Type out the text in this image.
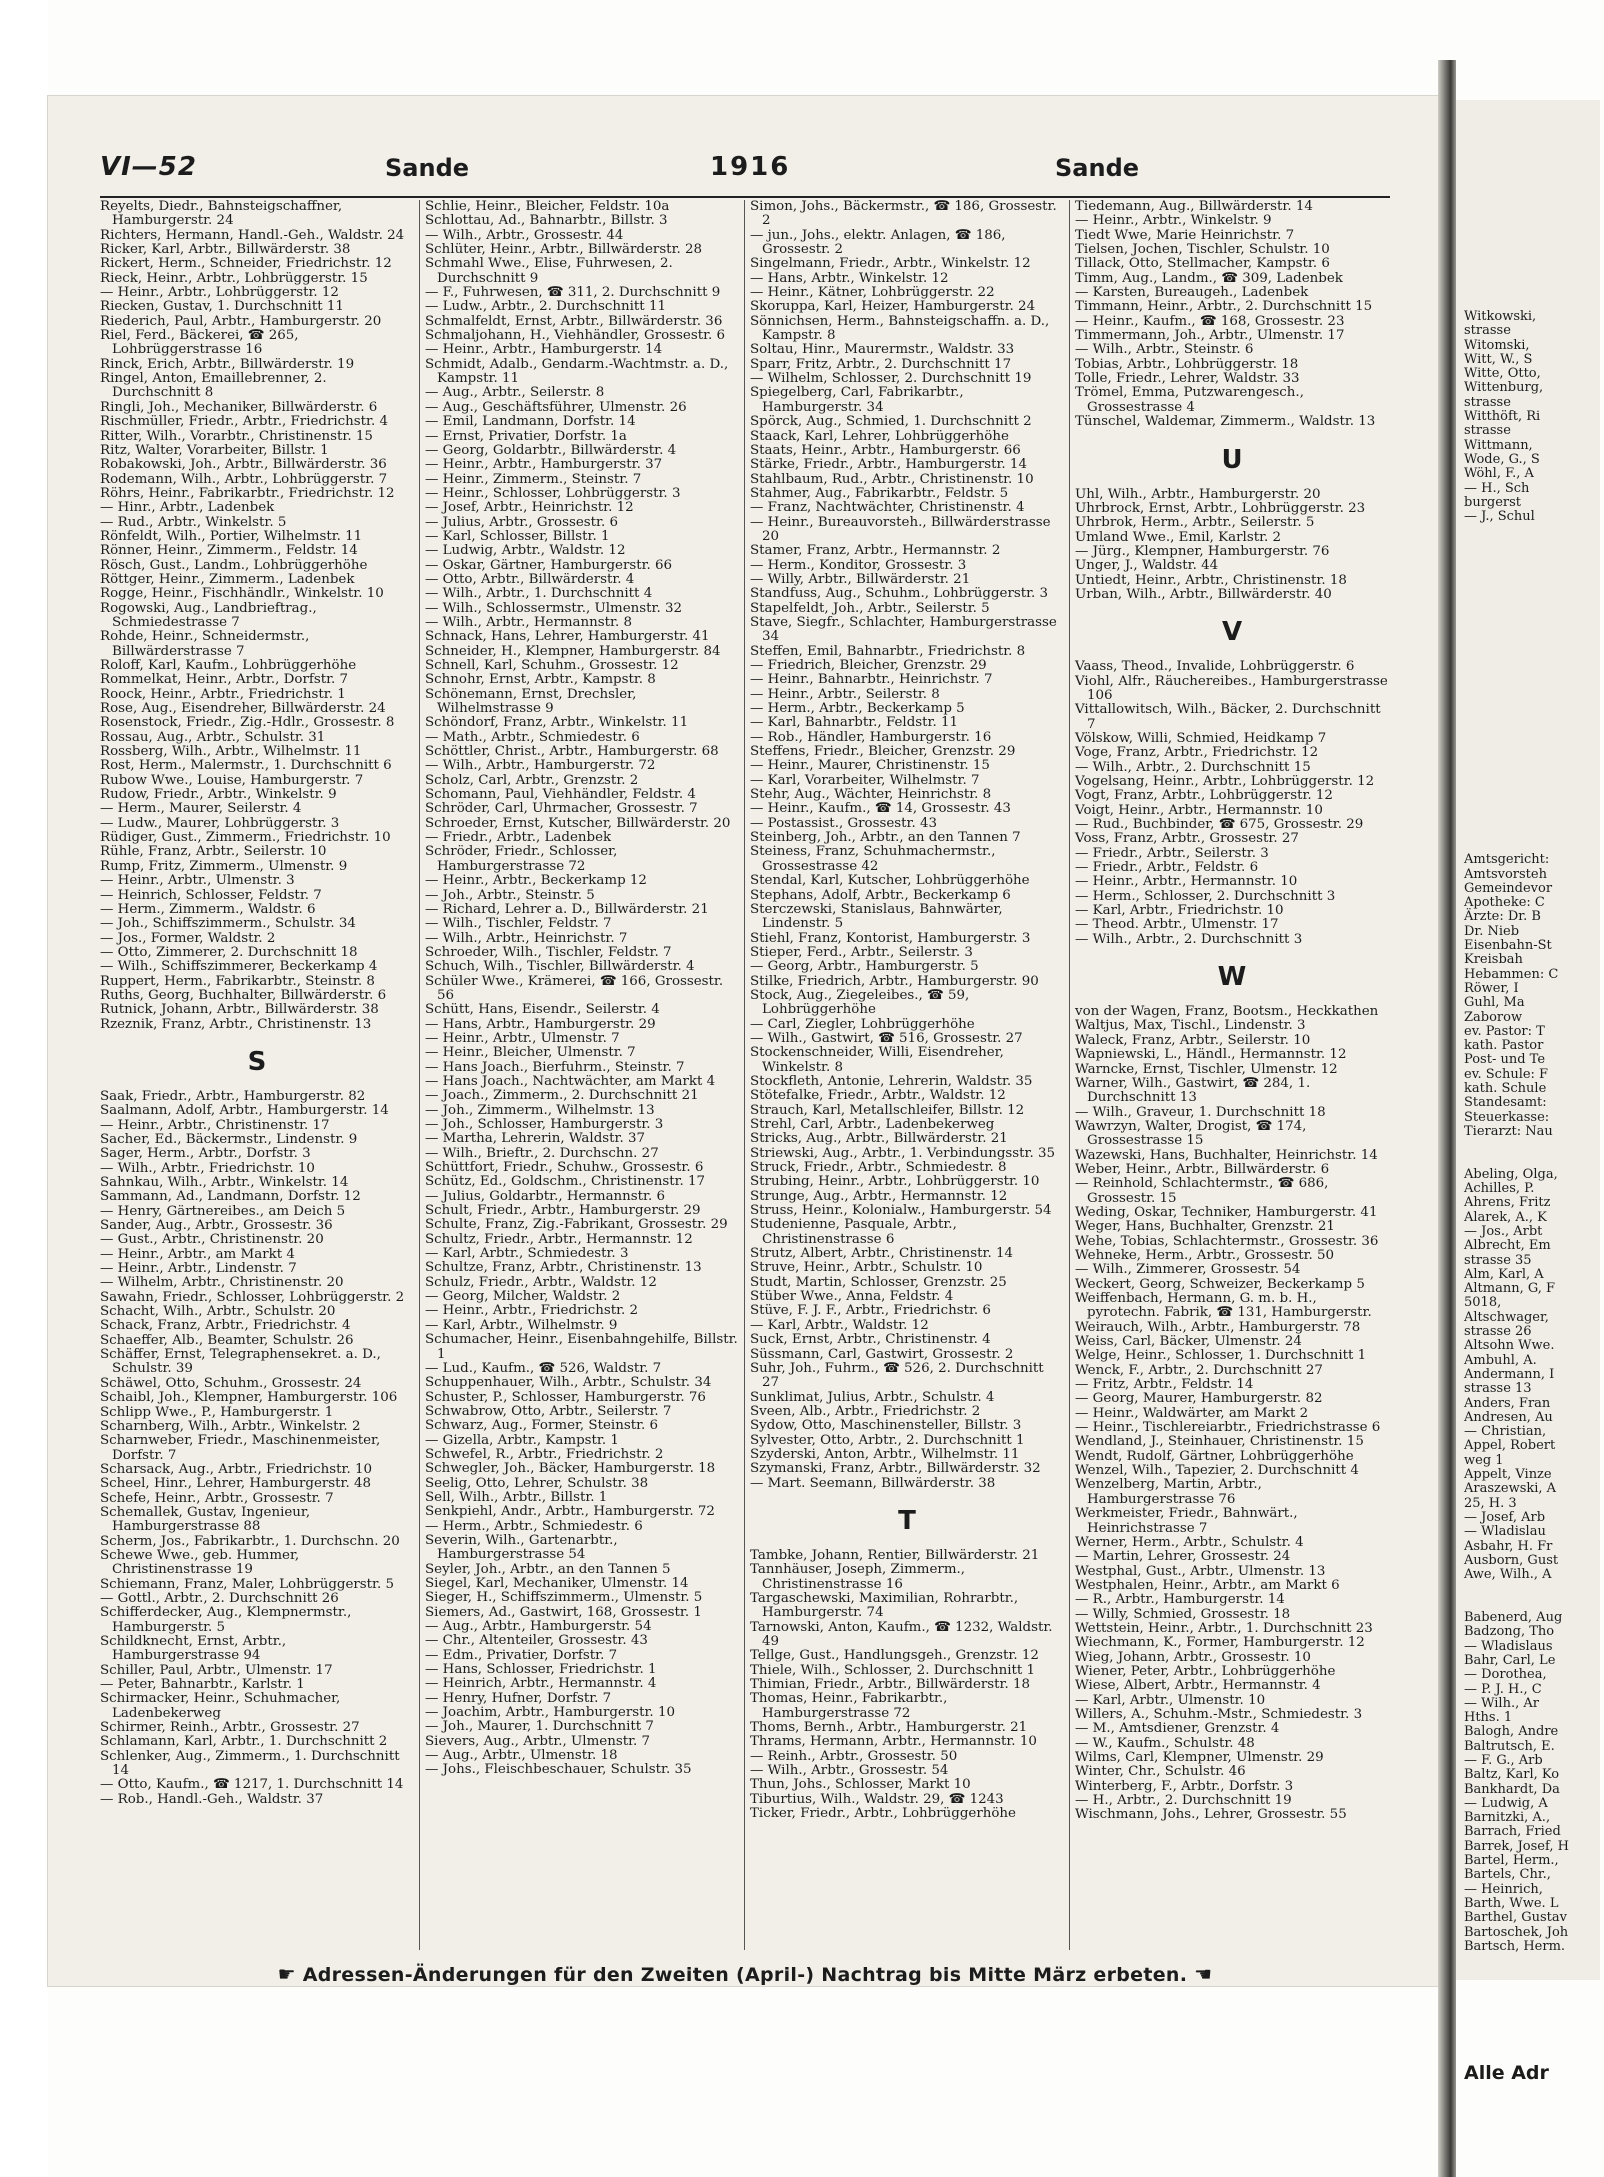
Witkowski,
strasse
Witomski,
Witt, W., S
Witte, Otto,
Wittenburg,
strasse
Witthöft, Ri
strasse
Wittmann,
Wode, G., S
Wöhl, F., A
— H., Sch
burgerst
— J., Schul

Amtsgericht:
Amtsvorsteh
Gemeindevor
Apotheke: C
Ärzte: Dr. B
Dr. Nieb
Eisenbahn-St
Kreisbah
Hebammen: C
Röwer, I
Guhl, Ma
Zaborow
ev. Pastor: T
kath. Pastor
Post- und Te
ev. Schule: F
kath. Schule
Standesamt:
Steuerkasse:
Tierarzt: Nau

Abeling, Olga,
Achilles, P.
Ahrens, Fritz
Alarek, A., K
— Jos., Arbt
Albrecht, Em
strasse 35
Alm, Karl, A
Altmann, G, F
5018,
Altschwager,
strasse 26
Altsohn Wwe.
Ambuhl, A.
Andermann, I
strasse 13
Anders, Fran
Andresen, Au
— Christian,
Appel, Robert
weg 1
Appelt, Vinze
Araszewski, A
25, H. 3
— Josef, Arb
— Wladislau
Asbahr, H. Fr
Ausborn, Gust
Awe, Wilh., A

Babenerd, Aug
Badzong, Tho
— Wladislaus
Bahr, Carl, Le
— Dorothea,
— P. J. H., C
— Wilh., Ar
Hths. 1
Balogh, Andre
Baltrutsch, E.
— F. G., Arb
Baltz, Karl, Ko
Bankhardt, Da
— Ludwig, A
Barnitzki, A.,
Barrach, Fried
Barrek, Josef, H
Bartel, Herm.,
Bartels, Chr.,
— Heinrich,
Barth, Wwe. L
Barthel, Gustav
Bartoschek, Joh
Bartsch, Herm.
Alle Adr
VI—52	Sande	1916	Sande
Reyelts, Diedr., Bahnsteigschaffner, Hamburgerstr. 24
Richters, Hermann, Handl.-Geh., Waldstr. 24
Ricker, Karl, Arbtr., Billwärderstr. 38
Rickert, Herm., Schneider, Friedrichstr. 12
Rieck, Heinr., Arbtr., Lohbrüggerstr. 15
— Heinr., Arbtr., Lohbrüggerstr. 12
Riecken, Gustav, 1. Durchschnitt 11
Riederich, Paul, Arbtr., Hamburgerstr. 20
Riel, Ferd., Bäckerei, ☎ 265, Lohbrüggerstrasse 16
Rinck, Erich, Arbtr., Billwärderstr. 19
Ringel, Anton, Emaillebrenner, 2. Durchschnitt 8
Ringli, Joh., Mechaniker, Billwärderstr. 6
Rischmüller, Friedr., Arbtr., Friedrichstr. 4
Ritter, Wilh., Vorarbtr., Christinenstr. 15
Ritz, Walter, Vorarbeiter, Billstr. 1
Robakowski, Joh., Arbtr., Billwärderstr. 36
Rodemann, Wilh., Arbtr., Lohbrüggerstr. 7
Röhrs, Heinr., Fabrikarbtr., Friedrichstr. 12
— Hinr., Arbtr., Ladenbek
— Rud., Arbtr., Winkelstr. 5
Rönfeldt, Wilh., Portier, Wilhelmstr. 11
Rönner, Heinr., Zimmerm., Feldstr. 14
Rösch, Gust., Landm., Lohbrüggerhöhe
Röttger, Heinr., Zimmerm., Ladenbek
Rogge, Heinr., Fischhändlr., Winkelstr. 10
Rogowski, Aug., Landbrieftrag., Schmiedestrasse 7
Rohde, Heinr., Schneidermstr., Billwärderstrasse 7
Roloff, Karl, Kaufm., Lohbrüggerhöhe
Rommelkat, Heinr., Arbtr., Dorfstr. 7
Roock, Heinr., Arbtr., Friedrichstr. 1
Rose, Aug., Eisendreher, Billwärderstr. 24
Rosenstock, Friedr., Zig.-Hdlr., Grossestr. 8
Rossau, Aug., Arbtr., Schulstr. 31
Rossberg, Wilh., Arbtr., Wilhelmstr. 11
Rost, Herm., Malermstr., 1. Durchschnitt 6
Rubow Wwe., Louise, Hamburgerstr. 7
Rudow, Friedr., Arbtr., Winkelstr. 9
— Herm., Maurer, Seilerstr. 4
— Ludw., Maurer, Lohbrüggerstr. 3
Rüdiger, Gust., Zimmerm., Friedrichstr. 10
Rühle, Franz, Arbtr., Seilerstr. 10
Rump, Fritz, Zimmerm., Ulmenstr. 9
— Heinr., Arbtr., Ulmenstr. 3
— Heinrich, Schlosser, Feldstr. 7
— Herm., Zimmerm., Waldstr. 6
— Joh., Schiffszimmerm., Schulstr. 34
— Jos., Former, Waldstr. 2
— Otto, Zimmerer, 2. Durchschnitt 18
— Wilh., Schiffszimmerer, Beckerkamp 4
Ruppert, Herm., Fabrikarbtr., Steinstr. 8
Ruths, Georg, Buchhalter, Billwärderstr. 6
Rutnick, Johann, Arbtr., Billwärderstr. 38
Rzeznik, Franz, Arbtr., Christinenstr. 13
S
Saak, Friedr., Arbtr., Hamburgerstr. 82
Saalmann, Adolf, Arbtr., Hamburgerstr. 14
— Heinr., Arbtr., Christinenstr. 17
Sacher, Ed., Bäckermstr., Lindenstr. 9
Sager, Herm., Arbtr., Dorfstr. 3
— Wilh., Arbtr., Friedrichstr. 10
Sahnkau, Wilh., Arbtr., Winkelstr. 14
Sammann, Ad., Landmann, Dorfstr. 12
— Henry, Gärtnereibes., am Deich 5
Sander, Aug., Arbtr., Grossestr. 36
— Gust., Arbtr., Christinenstr. 20
— Heinr., Arbtr., am Markt 4
— Heinr., Arbtr., Lindenstr. 7
— Wilhelm, Arbtr., Christinenstr. 20
Sawahn, Friedr., Schlosser, Lohbrüggerstr. 2
Schacht, Wilh., Arbtr., Schulstr. 20
Schack, Franz, Arbtr., Friedrichstr. 4
Schaeffer, Alb., Beamter, Schulstr. 26
Schäffer, Ernst, Telegraphensekret. a. D., Schulstr. 39
Schäwel, Otto, Schuhm., Grossestr. 24
Schaibl, Joh., Klempner, Hamburgerstr. 106
Schlipp Wwe., P., Hamburgerstr. 1
Scharnberg, Wilh., Arbtr., Winkelstr. 2
Scharnweber, Friedr., Maschinenmeister, Dorfstr. 7
Scharsack, Aug., Arbtr., Friedrichstr. 10
Scheel, Hinr., Lehrer, Hamburgerstr. 48
Schefe, Heinr., Arbtr., Grossestr. 7
Schemallek, Gustav, Ingenieur, Hamburgerstrasse 88
Scherm, Jos., Fabrikarbtr., 1. Durchschn. 20
Schewe Wwe., geb. Hummer, Christinenstrasse 19
Schiemann, Franz, Maler, Lohbrüggerstr. 5
— Gottl., Arbtr., 2. Durchschnitt 26
Schifferdecker, Aug., Klempnermstr., Hamburgerstr. 5
Schildknecht, Ernst, Arbtr., Hamburgerstrasse 94
Schiller, Paul, Arbtr., Ulmenstr. 17
— Peter, Bahnarbtr., Karlstr. 1
Schirmacker, Heinr., Schuhmacher, Ladenbekerweg
Schirmer, Reinh., Arbtr., Grossestr. 27
Schlamann, Karl, Arbtr., 1. Durchschnitt 2
Schlenker, Aug., Zimmerm., 1. Durchschnitt 14
— Otto, Kaufm., ☎ 1217, 1. Durchschnitt 14
— Rob., Handl.-Geh., Waldstr. 37
Schlie, Heinr., Bleicher, Feldstr. 10a
Schlottau, Ad., Bahnarbtr., Billstr. 3
— Wilh., Arbtr., Grossestr. 44
Schlüter, Heinr., Arbtr., Billwärderstr. 28
Schmahl Wwe., Elise, Fuhrwesen, 2. Durchschnitt 9
— F., Fuhrwesen, ☎ 311, 2. Durchschnitt 9
— Ludw., Arbtr., 2. Durchschnitt 11
Schmalfeldt, Ernst, Arbtr., Billwärderstr. 36
Schmaljohann, H., Viehhändler, Grossestr. 6
— Heinr., Arbtr., Hamburgerstr. 14
Schmidt, Adalb., Gendarm.-Wachtmstr. a. D., Kampstr. 11
— Aug., Arbtr., Seilerstr. 8
— Aug., Geschäftsführer, Ulmenstr. 26
— Emil, Landmann, Dorfstr. 14
— Ernst, Privatier, Dorfstr. 1a
— Georg, Goldarbtr., Billwärderstr. 4
— Heinr., Arbtr., Hamburgerstr. 37
— Heinr., Zimmerm., Steinstr. 7
— Heinr., Schlosser, Lohbrüggerstr. 3
— Josef, Arbtr., Heinrichstr. 12
— Julius, Arbtr., Grossestr. 6
— Karl, Schlosser, Billstr. 1
— Ludwig, Arbtr., Waldstr. 12
— Oskar, Gärtner, Hamburgerstr. 66
— Otto, Arbtr., Billwärderstr. 4
— Wilh., Arbtr., 1. Durchschnitt 4
— Wilh., Schlossermstr., Ulmenstr. 32
— Wilh., Arbtr., Hermannstr. 8
Schnack, Hans, Lehrer, Hamburgerstr. 41
Schneider, H., Klempner, Hamburgerstr. 84
Schnell, Karl, Schuhm., Grossestr. 12
Schnohr, Ernst, Arbtr., Kampstr. 8
Schönemann, Ernst, Drechsler, Wilhelmstrasse 9
Schöndorf, Franz, Arbtr., Winkelstr. 11
— Math., Arbtr., Schmiedestr. 6
Schöttler, Christ., Arbtr., Hamburgerstr. 68
— Wilh., Arbtr., Hamburgerstr. 72
Scholz, Carl, Arbtr., Grenzstr. 2
Schomann, Paul, Viehhändler, Feldstr. 4
Schröder, Carl, Uhrmacher, Grossestr. 7
Schroeder, Ernst, Kutscher, Billwärderstr. 20
— Friedr., Arbtr., Ladenbek
Schröder, Friedr., Schlosser, Hamburgerstrasse 72
— Heinr., Arbtr., Beckerkamp 12
— Joh., Arbtr., Steinstr. 5
— Richard, Lehrer a. D., Billwärderstr. 21
— Wilh., Tischler, Feldstr. 7
— Wilh., Arbtr., Heinrichstr. 7
Schroeder, Wilh., Tischler, Feldstr. 7
Schuch, Wilh., Tischler, Billwärderstr. 4
Schüler Wwe., Krämerei, ☎ 166, Grossestr. 56
Schütt, Hans, Eisendr., Seilerstr. 4
— Hans, Arbtr., Hamburgerstr. 29
— Heinr., Arbtr., Ulmenstr. 7
— Heinr., Bleicher, Ulmenstr. 7
— Hans Joach., Bierfuhrm., Steinstr. 7
— Hans Joach., Nachtwächter, am Markt 4
— Joach., Zimmerm., 2. Durchschnitt 21
— Joh., Zimmerm., Wilhelmstr. 13
— Joh., Schlosser, Hamburgerstr. 3
— Martha, Lehrerin, Waldstr. 37
— Wilh., Brieftr., 2. Durchschn. 27
Schüttfort, Friedr., Schuhw., Grossestr. 6
Schütz, Ed., Goldschm., Christinenstr. 17
— Julius, Goldarbtr., Hermannstr. 6
Schult, Friedr., Arbtr., Hamburgerstr. 29
Schulte, Franz, Zig.-Fabrikant, Grossestr. 29
Schultz, Friedr., Arbtr., Hermannstr. 12
— Karl, Arbtr., Schmiedestr. 3
Schultze, Franz, Arbtr., Christinenstr. 13
Schulz, Friedr., Arbtr., Waldstr. 12
— Georg, Milcher, Waldstr. 2
— Heinr., Arbtr., Friedrichstr. 2
— Karl, Arbtr., Wilhelmstr. 9
Schumacher, Heinr., Eisenbahngehilfe, Billstr. 1
— Lud., Kaufm., ☎ 526, Waldstr. 7
Schuppenhauer, Wilh., Arbtr., Schulstr. 34
Schuster, P., Schlosser, Hamburgerstr. 76
Schwabrow, Otto, Arbtr., Seilerstr. 7
Schwarz, Aug., Former, Steinstr. 6
— Gizella, Arbtr., Kampstr. 1
Schwefel, R., Arbtr., Friedrichstr. 2
Schwegler, Joh., Bäcker, Hamburgerstr. 18
Seelig, Otto, Lehrer, Schulstr. 38
Sell, Wilh., Arbtr., Billstr. 1
Senkpiehl, Andr., Arbtr., Hamburgerstr. 72
— Herm., Arbtr., Schmiedestr. 6
Severin, Wilh., Gartenarbtr., Hamburgerstrasse 54
Seyler, Joh., Arbtr., an den Tannen 5
Siegel, Karl, Mechaniker, Ulmenstr. 14
Sieger, H., Schiffszimmerm., Ulmenstr. 5
Siemers, Ad., Gastwirt, 168, Grossestr. 1
— Aug., Arbtr., Hamburgerstr. 54
— Chr., Altenteiler, Grossestr. 43
— Edm., Privatier, Dorfstr. 7
— Hans, Schlosser, Friedrichstr. 1
— Heinrich, Arbtr., Hermannstr. 4
— Henry, Hufner, Dorfstr. 7
— Joachim, Arbtr., Hamburgerstr. 10
— Joh., Maurer, 1. Durchschnitt 7
Sievers, Aug., Arbtr., Ulmenstr. 7
— Aug., Arbtr., Ulmenstr. 18
— Johs., Fleischbeschauer, Schulstr. 35
Simon, Johs., Bäckermstr., ☎ 186, Grossestr. 2
— jun., Johs., elektr. Anlagen, ☎ 186, Grossestr. 2
Singelmann, Friedr., Arbtr., Winkelstr. 12
— Hans, Arbtr., Winkelstr. 12
— Heinr., Kätner, Lohbrüggerstr. 22
Skoruppa, Karl, Heizer, Hamburgerstr. 24
Sönnichsen, Herm., Bahnsteigschaffn. a. D., Kampstr. 8
Soltau, Hinr., Maurermstr., Waldstr. 33
Sparr, Fritz, Arbtr., 2. Durchschnitt 17
— Wilhelm, Schlosser, 2. Durchschnitt 19
Spiegelberg, Carl, Fabrikarbtr., Hamburgerstr. 34
Spörck, Aug., Schmied, 1. Durchschnitt 2
Staack, Karl, Lehrer, Lohbrüggerhöhe
Staats, Heinr., Arbtr., Hamburgerstr. 66
Stärke, Friedr., Arbtr., Hamburgerstr. 14
Stahlbaum, Rud., Arbtr., Christinenstr. 10
Stahmer, Aug., Fabrikarbtr., Feldstr. 5
— Franz, Nachtwächter, Christinenstr. 4
— Heinr., Bureauvorsteh., Billwärderstrasse 20
Stamer, Franz, Arbtr., Hermannstr. 2
— Herm., Konditor, Grossestr. 3
— Willy, Arbtr., Billwärderstr. 21
Standfuss, Aug., Schuhm., Lohbrüggerstr. 3
Stapelfeldt, Joh., Arbtr., Seilerstr. 5
Stave, Siegfr., Schlachter, Hamburgerstrasse 34
Steffen, Emil, Bahnarbtr., Friedrichstr. 8
— Friedrich, Bleicher, Grenzstr. 29
— Heinr., Bahnarbtr., Heinrichstr. 7
— Heinr., Arbtr., Seilerstr. 8
— Herm., Arbtr., Beckerkamp 5
— Karl, Bahnarbtr., Feldstr. 11
— Rob., Händler, Hamburgerstr. 16
Steffens, Friedr., Bleicher, Grenzstr. 29
— Heinr., Maurer, Christinenstr. 15
— Karl, Vorarbeiter, Wilhelmstr. 7
Stehr, Aug., Wächter, Heinrichstr. 8
— Heinr., Kaufm., ☎ 14, Grossestr. 43
— Postassist., Grossestr. 43
Steinberg, Joh., Arbtr., an den Tannen 7
Steiness, Franz, Schuhmachermstr., Grossestrasse 42
Stendal, Karl, Kutscher, Lohbrüggerhöhe
Stephans, Adolf, Arbtr., Beckerkamp 6
Sterczewski, Stanislaus, Bahnwärter, Lindenstr. 5
Stiehl, Franz, Kontorist, Hamburgerstr. 3
Stieper, Ferd., Arbtr., Seilerstr. 3
— Georg, Arbtr., Hamburgerstr. 5
Stilke, Friedrich, Arbtr., Hamburgerstr. 90
Stock, Aug., Ziegeleibes., ☎ 59, Lohbrüggerhöhe
— Carl, Ziegler, Lohbrüggerhöhe
— Wilh., Gastwirt, ☎ 516, Grossestr. 27
Stockenschneider, Willi, Eisendreher, Winkelstr. 8
Stockfleth, Antonie, Lehrerin, Waldstr. 35
Stötefalke, Friedr., Arbtr., Waldstr. 12
Strauch, Karl, Metallschleifer, Billstr. 12
Strehl, Carl, Arbtr., Ladenbekerweg
Stricks, Aug., Arbtr., Billwärderstr. 21
Striewski, Aug., Arbtr., 1. Verbindungsstr. 35
Struck, Friedr., Arbtr., Schmiedestr. 8
Strubing, Heinr., Arbtr., Lohbrüggerstr. 10
Strunge, Aug., Arbtr., Hermannstr. 12
Struss, Heinr., Kolonialw., Hamburgerstr. 54
Studenienne, Pasquale, Arbtr., Christinenstrasse 6
Strutz, Albert, Arbtr., Christinenstr. 14
Struve, Heinr., Arbtr., Schulstr. 10
Studt, Martin, Schlosser, Grenzstr. 25
Stüber Wwe., Anna, Feldstr. 4
Stüve, F. J. F., Arbtr., Friedrichstr. 6
— Karl, Arbtr., Waldstr. 12
Suck, Ernst, Arbtr., Christinenstr. 4
Süssmann, Carl, Gastwirt, Grossestr. 2
Suhr, Joh., Fuhrm., ☎ 526, 2. Durchschnitt 27
Sunklimat, Julius, Arbtr., Schulstr. 4
Sveen, Alb., Arbtr., Friedrichstr. 2
Sydow, Otto, Maschinensteller, Billstr. 3
Sylvester, Otto, Arbtr., 2. Durchschnitt 1
Szyderski, Anton, Arbtr., Wilhelmstr. 11
Szymanski, Franz, Arbtr., Billwärderstr. 32
— Mart. Seemann, Billwärderstr. 38
T
Tambke, Johann, Rentier, Billwärderstr. 21
Tannhäuser, Joseph, Zimmerm., Christinenstrasse 16
Targaschewski, Maximilian, Rohrarbtr., Hamburgerstr. 74
Tarnowski, Anton, Kaufm., ☎ 1232, Waldstr. 49
Tellge, Gust., Handlungsgeh., Grenzstr. 12
Thiele, Wilh., Schlosser, 2. Durchschnitt 1
Thimian, Friedr., Arbtr., Billwärderstr. 18
Thomas, Heinr., Fabrikarbtr., Hamburgerstrasse 72
Thoms, Bernh., Arbtr., Hamburgerstr. 21
Thrams, Hermann, Arbtr., Hermannstr. 10
— Reinh., Arbtr., Grossestr. 50
— Wilh., Arbtr., Grossestr. 54
Thun, Johs., Schlosser, Markt 10
Tiburtius, Wilh., Waldstr. 29, ☎ 1243
Ticker, Friedr., Arbtr., Lohbrüggerhöhe
Tiedemann, Aug., Billwärderstr. 14
— Heinr., Arbtr., Winkelstr. 9
Tiedt Wwe, Marie Heinrichstr. 7
Tielsen, Jochen, Tischler, Schulstr. 10
Tillack, Otto, Stellmacher, Kampstr. 6
Timm, Aug., Landm., ☎ 309, Ladenbek
— Karsten, Bureaugeh., Ladenbek
Timmann, Heinr., Arbtr., 2. Durchschnitt 15
— Heinr., Kaufm., ☎ 168, Grossestr. 23
Timmermann, Joh., Arbtr., Ulmenstr. 17
— Wilh., Arbtr., Steinstr. 6
Tobias, Arbtr., Lohbrüggerstr. 18
Tolle, Friedr., Lehrer, Waldstr. 33
Trömel, Emma, Putzwarengesch., Grossestrasse 4
Tünschel, Waldemar, Zimmerm., Waldstr. 13
U
Uhl, Wilh., Arbtr., Hamburgerstr. 20
Uhrbrock, Ernst, Arbtr., Lohbrüggerstr. 23
Uhrbrok, Herm., Arbtr., Seilerstr. 5
Umland Wwe., Emil, Karlstr. 2
— Jürg., Klempner, Hamburgerstr. 76
Unger, J., Waldstr. 44
Untiedt, Heinr., Arbtr., Christinenstr. 18
Urban, Wilh., Arbtr., Billwärderstr. 40
V
Vaass, Theod., Invalide, Lohbrüggerstr. 6
Viohl, Alfr., Räuchereibes., Hamburgerstrasse 106
Vittallowitsch, Wilh., Bäcker, 2. Durchschnitt 7
Völskow, Willi, Schmied, Heidkamp 7
Voge, Franz, Arbtr., Friedrichstr. 12
— Wilh., Arbtr., 2. Durchschnitt 15
Vogelsang, Heinr., Arbtr., Lohbrüggerstr. 12
Vogt, Franz, Arbtr., Lohbrüggerstr. 12
Voigt, Heinr., Arbtr., Hermannstr. 10
— Rud., Buchbinder, ☎ 675, Grossestr. 29
Voss, Franz, Arbtr., Grossestr. 27
— Friedr., Arbtr., Seilerstr. 3
— Friedr., Arbtr., Feldstr. 6
— Heinr., Arbtr., Hermannstr. 10
— Herm., Schlosser, 2. Durchschnitt 3
— Karl, Arbtr., Friedrichstr. 10
— Theod. Arbtr., Ulmenstr. 17
— Wilh., Arbtr., 2. Durchschnitt 3
W
von der Wagen, Franz, Bootsm., Heckkathen
Waltjus, Max, Tischl., Lindenstr. 3
Waleck, Franz, Arbtr., Seilerstr. 10
Wapniewski, L., Händl., Hermannstr. 12
Warncke, Ernst, Tischler, Ulmenstr. 12
Warner, Wilh., Gastwirt, ☎ 284, 1. Durchschnitt 13
— Wilh., Graveur, 1. Durchschnitt 18
Wawrzyn, Walter, Drogist, ☎ 174, Grossestrasse 15
Wazewski, Hans, Buchhalter, Heinrichstr. 14
Weber, Heinr., Arbtr., Billwärderstr. 6
— Reinhold, Schlachtermstr., ☎ 686, Grossestr. 15
Weding, Oskar, Techniker, Hamburgerstr. 41
Weger, Hans, Buchhalter, Grenzstr. 21
Wehe, Tobias, Schlachtermstr., Grossestr. 36
Wehneke, Herm., Arbtr., Grossestr. 50
— Wilh., Zimmerer, Grossestr. 54
Weckert, Georg, Schweizer, Beckerkamp 5
Weiffenbach, Hermann, G. m. b. H., pyrotechn. Fabrik, ☎ 131, Hamburgerstr.
Weirauch, Wilh., Arbtr., Hamburgerstr. 78
Weiss, Carl, Bäcker, Ulmenstr. 24
Welge, Heinr., Schlosser, 1. Durchschnitt 1
Wenck, F., Arbtr., 2. Durchschnitt 27
— Fritz, Arbtr., Feldstr. 14
— Georg, Maurer, Hamburgerstr. 82
— Heinr., Waldwärter, am Markt 2
— Heinr., Tischlereiarbtr., Friedrichstrasse 6
Wendland, J., Steinhauer, Christinenstr. 15
Wendt, Rudolf, Gärtner, Lohbrüggerhöhe
Wenzel, Wilh., Tapezier, 2. Durchschnitt 4
Wenzelberg, Martin, Arbtr., Hamburgerstrasse 76
Werkmeister, Friedr., Bahnwärt., Heinrichstrasse 7
Werner, Herm., Arbtr., Schulstr. 4
— Martin, Lehrer, Grossestr. 24
Westphal, Gust., Arbtr., Ulmenstr. 13
Westphalen, Heinr., Arbtr., am Markt 6
— R., Arbtr., Hamburgerstr. 14
— Willy, Schmied, Grossestr. 18
Wettstein, Heinr., Arbtr., 1. Durchschnitt 23
Wiechmann, K., Former, Hamburgerstr. 12
Wieg, Johann, Arbtr., Grossestr. 10
Wiener, Peter, Arbtr., Lohbrüggerhöhe
Wiese, Albert, Arbtr., Hermannstr. 4
— Karl, Arbtr., Ulmenstr. 10
Willers, A., Schuhm.-Mstr., Schmiedestr. 3
— M., Amtsdiener, Grenzstr. 4
— W., Kaufm., Schulstr. 48
Wilms, Carl, Klempner, Ulmenstr. 29
Winter, Chr., Schulstr. 46
Winterberg, F., Arbtr., Dorfstr. 3
— H., Arbtr., 2. Durchschnitt 19
Wischmann, Johs., Lehrer, Grossestr. 55
☛ Adressen-Änderungen für den Zweiten (April-) Nachtrag bis Mitte März erbeten. ☚
